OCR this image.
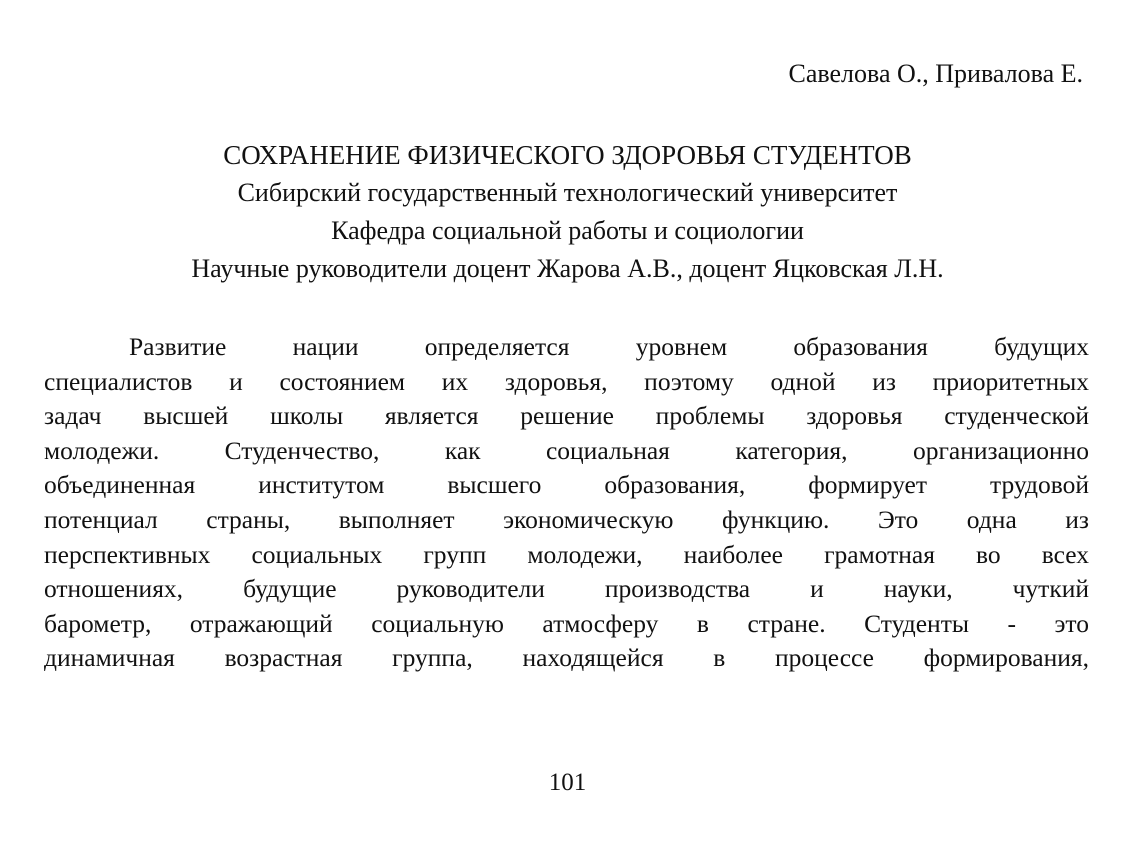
Савелова О., Привалова Е.
СОХРАНЕНИЕ ФИЗИЧЕСКОГО ЗДОРОВЬЯ СТУДЕНТОВ
Сибирский государственный технологический университет
Кафедра социальной работы и социологии
Научные руководители доцент Жарова А.В., доцент Яцковская Л.Н.
Развитие нации определяется уровнем образования будущих
специалистов и состоянием их здоровья, поэтому одной из приоритетных
задач высшей школы является решение проблемы здоровья студенческой
молодежи. Студенчество, как социальная категория, организационно
объединенная институтом высшего образования, формирует трудовой
потенциал страны, выполняет экономическую функцию. Это одна из
перспективных социальных групп молодежи, наиболее грамотная во всех
отношениях, будущие руководители производства и науки, чуткий
барометр, отражающий социальную атмосферу в стране. Студенты - это
динамичная возрастная группа, находящейся в процессе формирования,
101
